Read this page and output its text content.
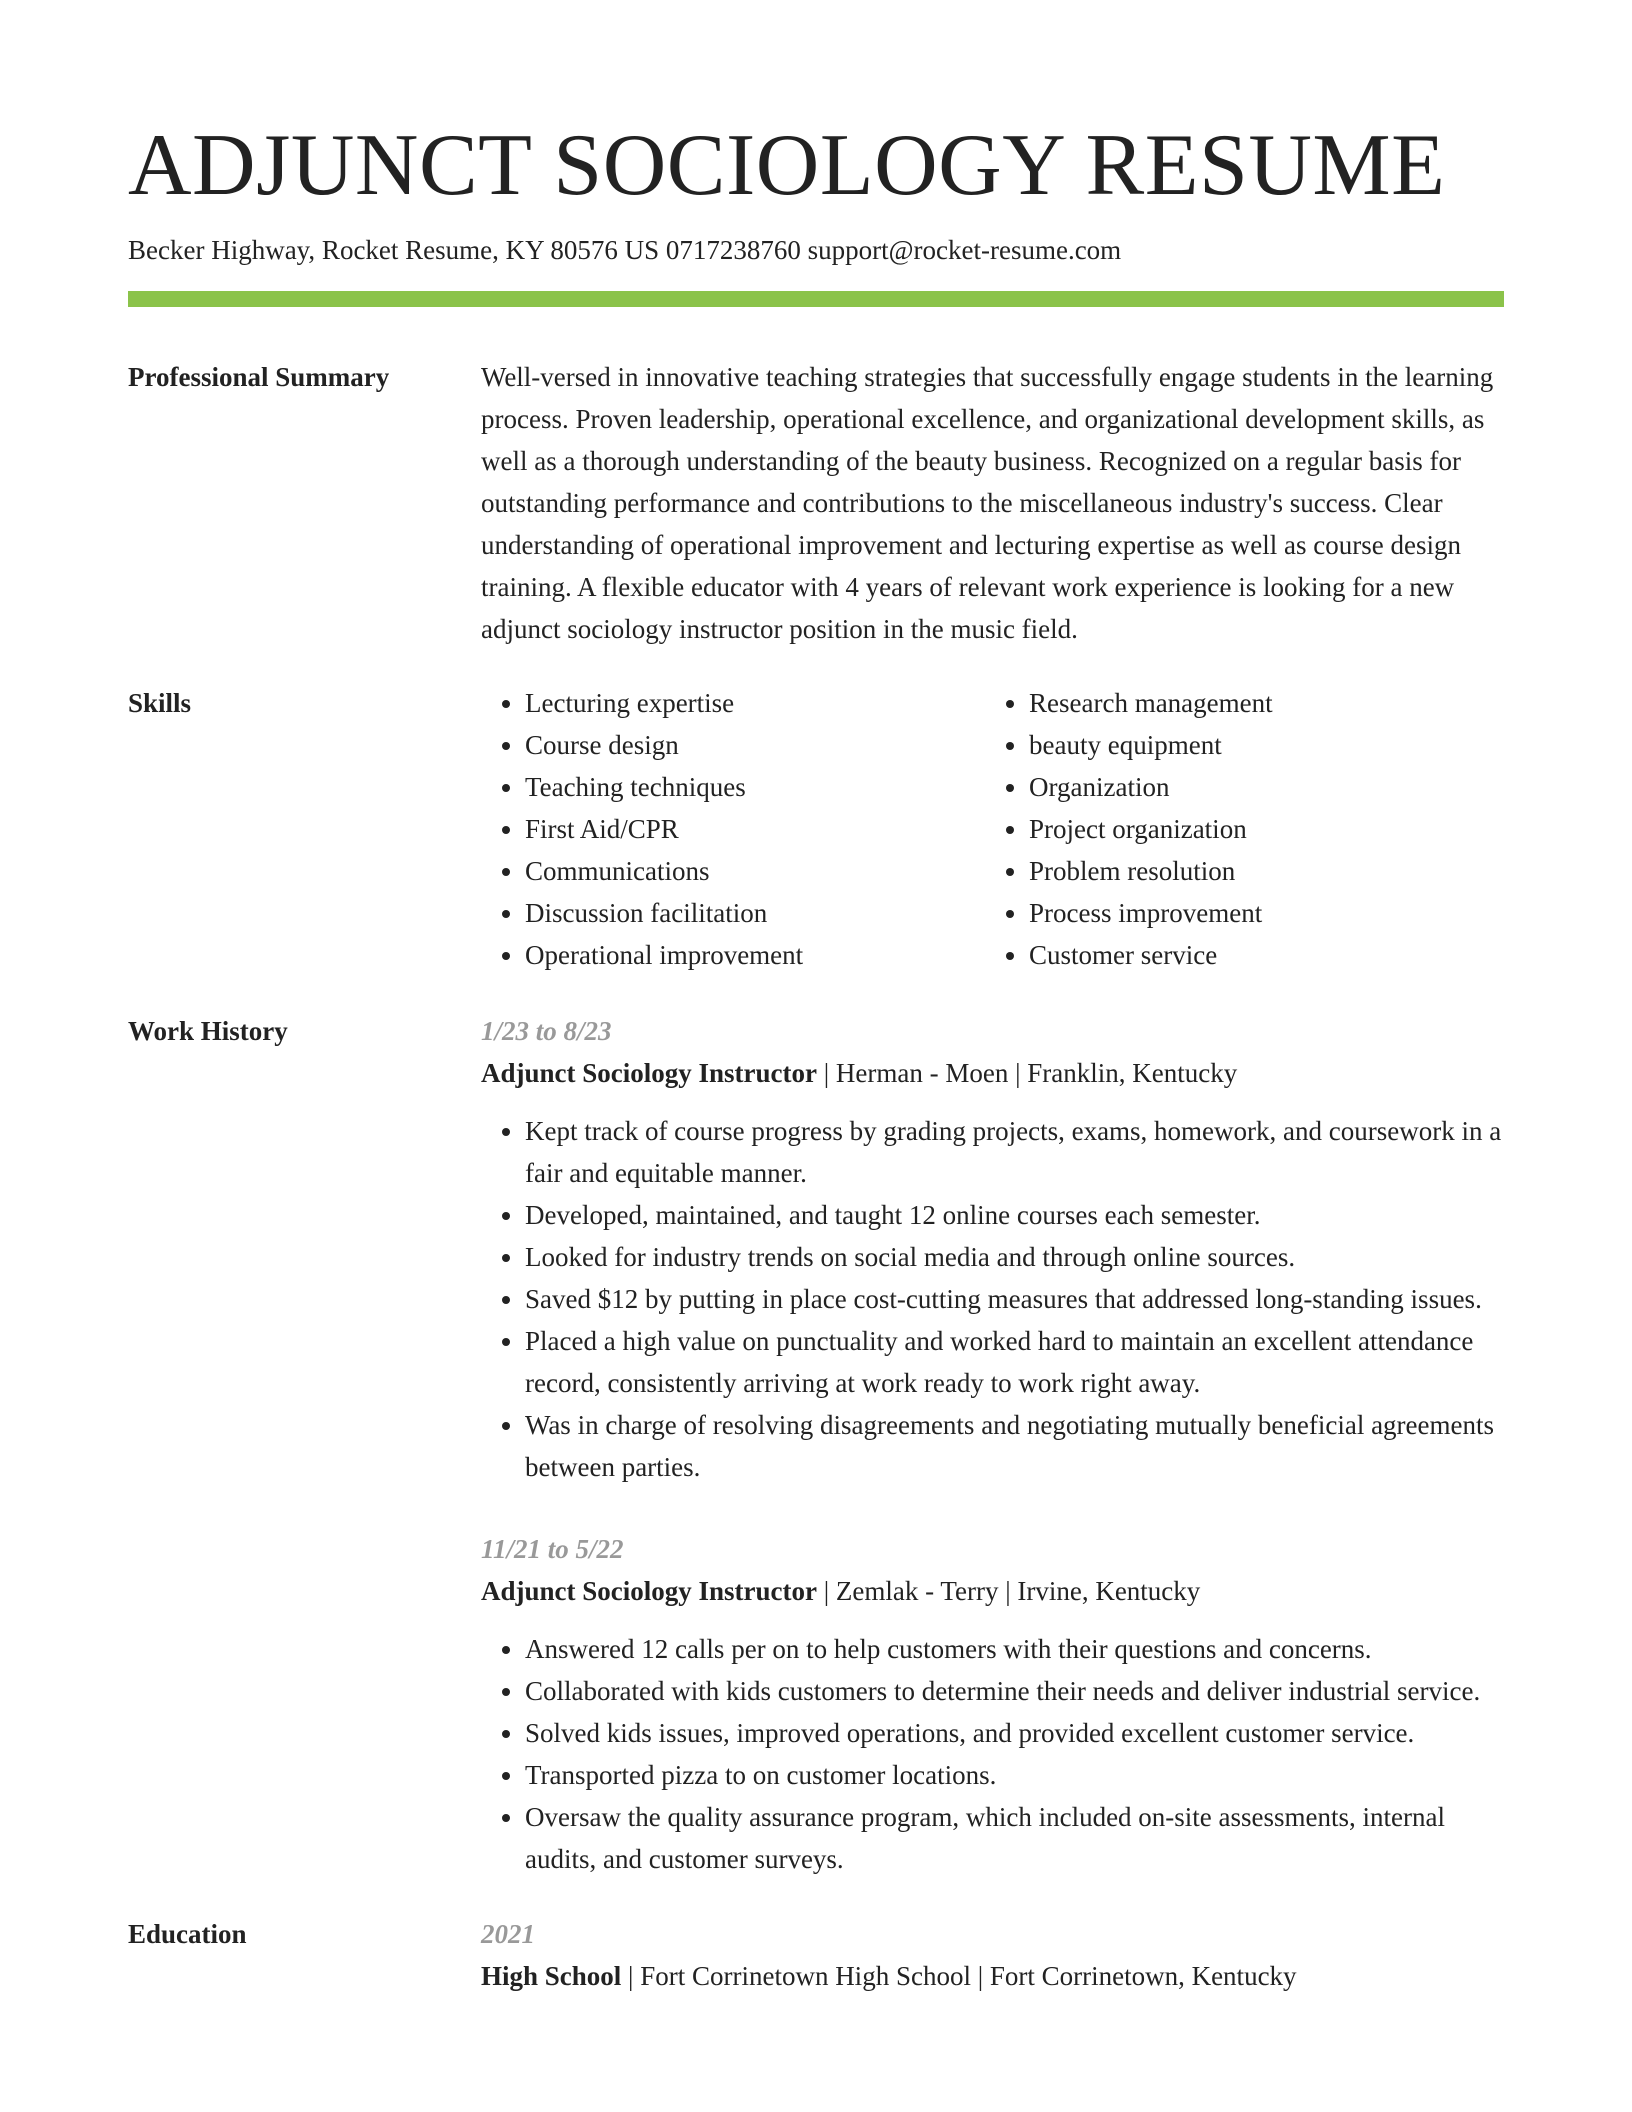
ADJUNCT SOCIOLOGY RESUME
Becker Highway, Rocket Resume, KY 80576 US 0717238760 support@rocket-resume.com
Professional Summary	Well-versed in innovative teaching strategies that successfully engage students in the learning process. Proven leadership, operational excellence, and organizational development skills, as well as a thorough understanding of the beauty business. Recognized on a regular basis for outstanding performance and contributions to the miscellaneous industry's success. Clear understanding of operational improvement and lecturing expertise as well as course design training. A flexible educator with 4 years of relevant work experience is looking for a new adjunct sociology instructor position in the music field.

Skills
•	Lecturing expertise
• Course design
• Teaching techniques
• First Aid/CPR
• Communications
• Discussion facilitation
• Operational improvement
• Research management
• beauty equipment
• Organization
• Project organization
• Problem resolution
• Process improvement
• Customer service
Work History	1/23 to 8/23
Adjunct Sociology Instructor | Herman - Moen | Franklin, Kentucky
• Kept track of course progress by grading projects, exams, homework, and coursework in a fair and equitable manner.
• Developed, maintained, and taught 12 online courses each semester.
• Looked for industry trends on social media and through online sources.
• Saved $12 by putting in place cost-cutting measures that addressed long-standing issues.
• Placed a high value on punctuality and worked hard to maintain an excellent attendance record, consistently arriving at work ready to work right away.
• Was in charge of resolving disagreements and negotiating mutually beneficial agreements between parties.
11/21 to 5/22
Adjunct Sociology Instructor | Zemlak - Terry | Irvine, Kentucky
• Answered 12 calls per on to help customers with their questions and concerns.
• Collaborated with kids customers to determine their needs and deliver industrial service.
• Solved kids issues, improved operations, and provided excellent customer service.
• Transported pizza to on customer locations.
• Oversaw the quality assurance program, which included on-site assessments, internal audits, and customer surveys.
Education	2021
High School | Fort Corrinetown High School | Fort Corrinetown, Kentucky
